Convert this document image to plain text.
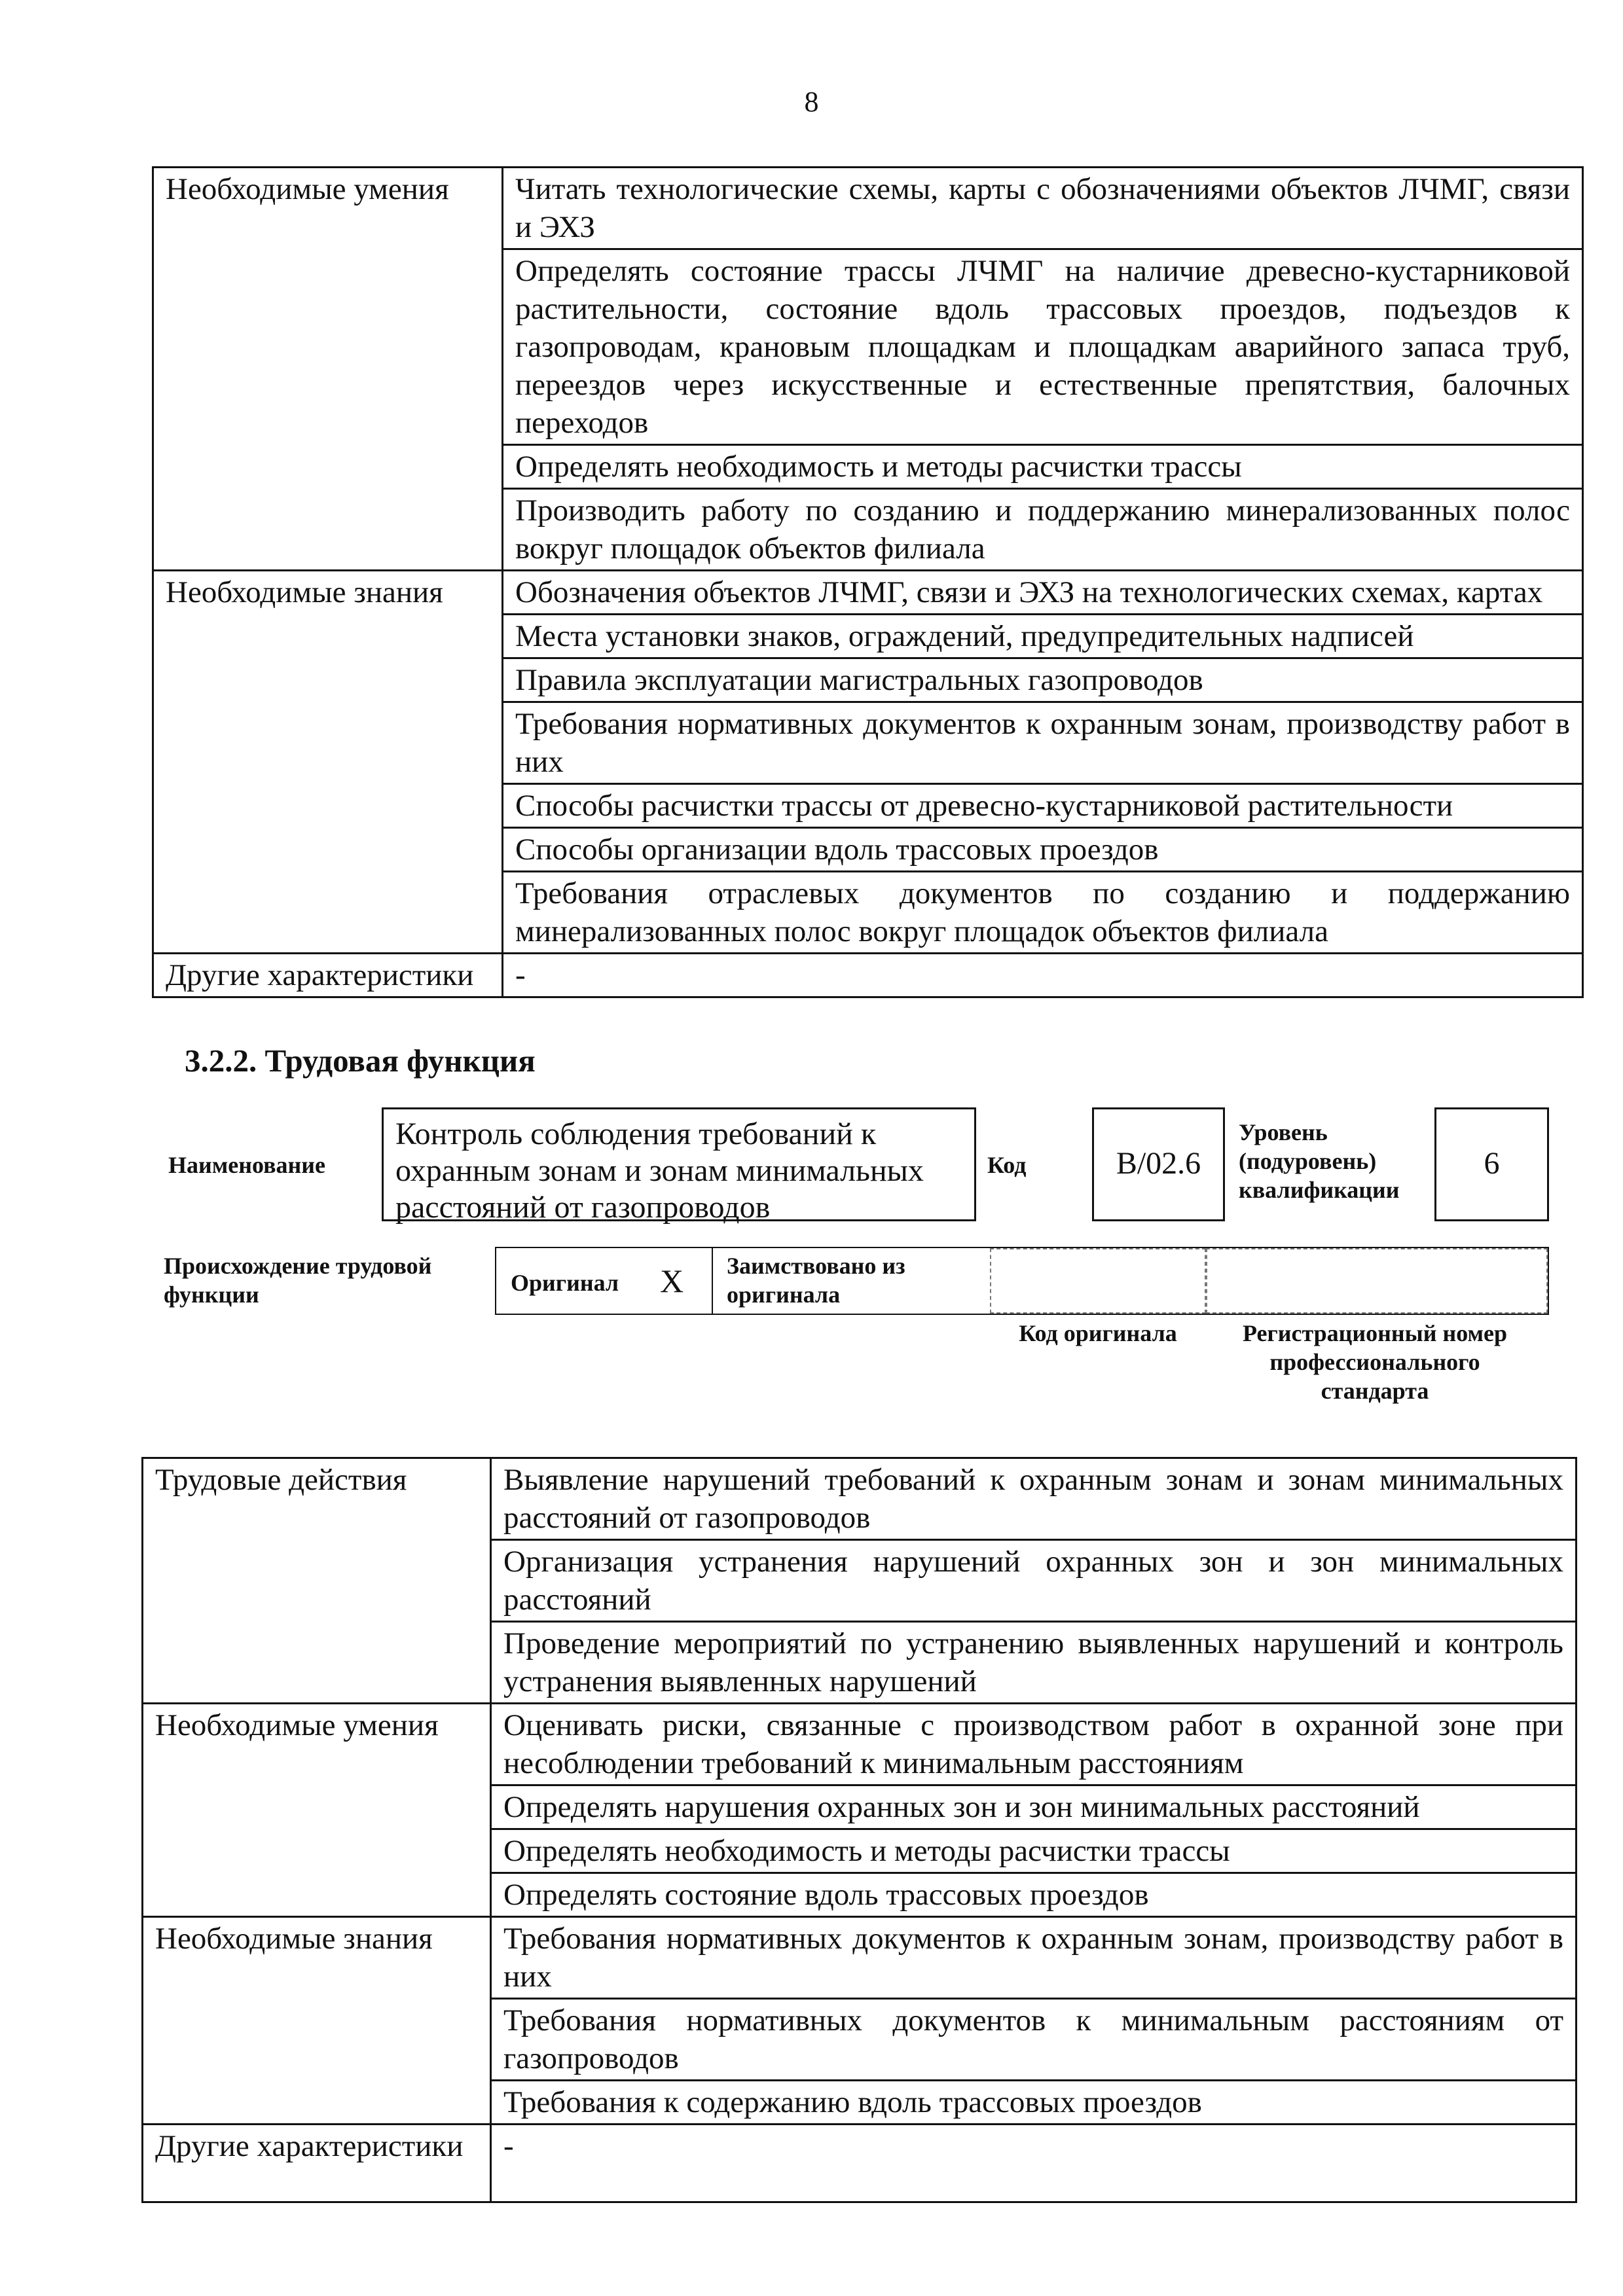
8
Необходимые умения	Читать технологические схемы, карты с обозначениями объектов ЛЧМГ, связи и ЭХЗ
	Определять состояние трассы ЛЧМГ на наличие древесно-кустарниковой растительности, состояние вдоль трассовых проездов, подъездов к газопроводам, крановым площадкам и площадкам аварийного запаса труб, переездов через искусственные и естественные препятствия, балочных переходов
	Определять необходимость и методы расчистки трассы
	Производить работу по созданию и поддержанию минерализованных полос вокруг площадок объектов филиала
Необходимые знания	Обозначения объектов ЛЧМГ, связи и ЭХЗ на технологических схемах, картах
	Места установки знаков, ограждений, предупредительных надписей
	Правила эксплуатации магистральных газопроводов
	Требования нормативных документов к охранным зонам, производству работ в них
	Способы расчистки трассы от древесно-кустарниковой растительности
	Способы организации вдоль трассовых проездов
	Требования отраслевых документов по созданию и поддержанию минерализованных полос вокруг площадок объектов филиала
Другие характеристики	-
3.2.2. Трудовая функция
Наименование
Контроль соблюдения требований к охранным зонам и зонам минимальных расстояний от газопроводов
Код	B/02.6
Уровень (подуровень) квалификации
6
Происхождение трудовой функции	Оригинал X Заимствовано из оригинала
Код оригинала	Регистрационный номер профессионального стандарта
Трудовые действия	Выявление нарушений требований к охранным зонам и зонам минимальных расстояний от газопроводов
	Организация устранения нарушений охранных зон и зон минимальных расстояний
	Проведение мероприятий по устранению выявленных нарушений и контроль устранения выявленных нарушений
Необходимые умения	Оценивать риски, связанные с производством работ в охранной зоне при несоблюдении требований к минимальным расстояниям
	Определять нарушения охранных зон и зон минимальных расстояний
	Определять необходимость и методы расчистки трассы
	Определять состояние вдоль трассовых проездов
Необходимые знания	Требования нормативных документов к охранным зонам, производству работ в них
	Требования нормативных документов к минимальным расстояниям от газопроводов
	Требования к содержанию вдоль трассовых проездов
Другие характеристики	-
